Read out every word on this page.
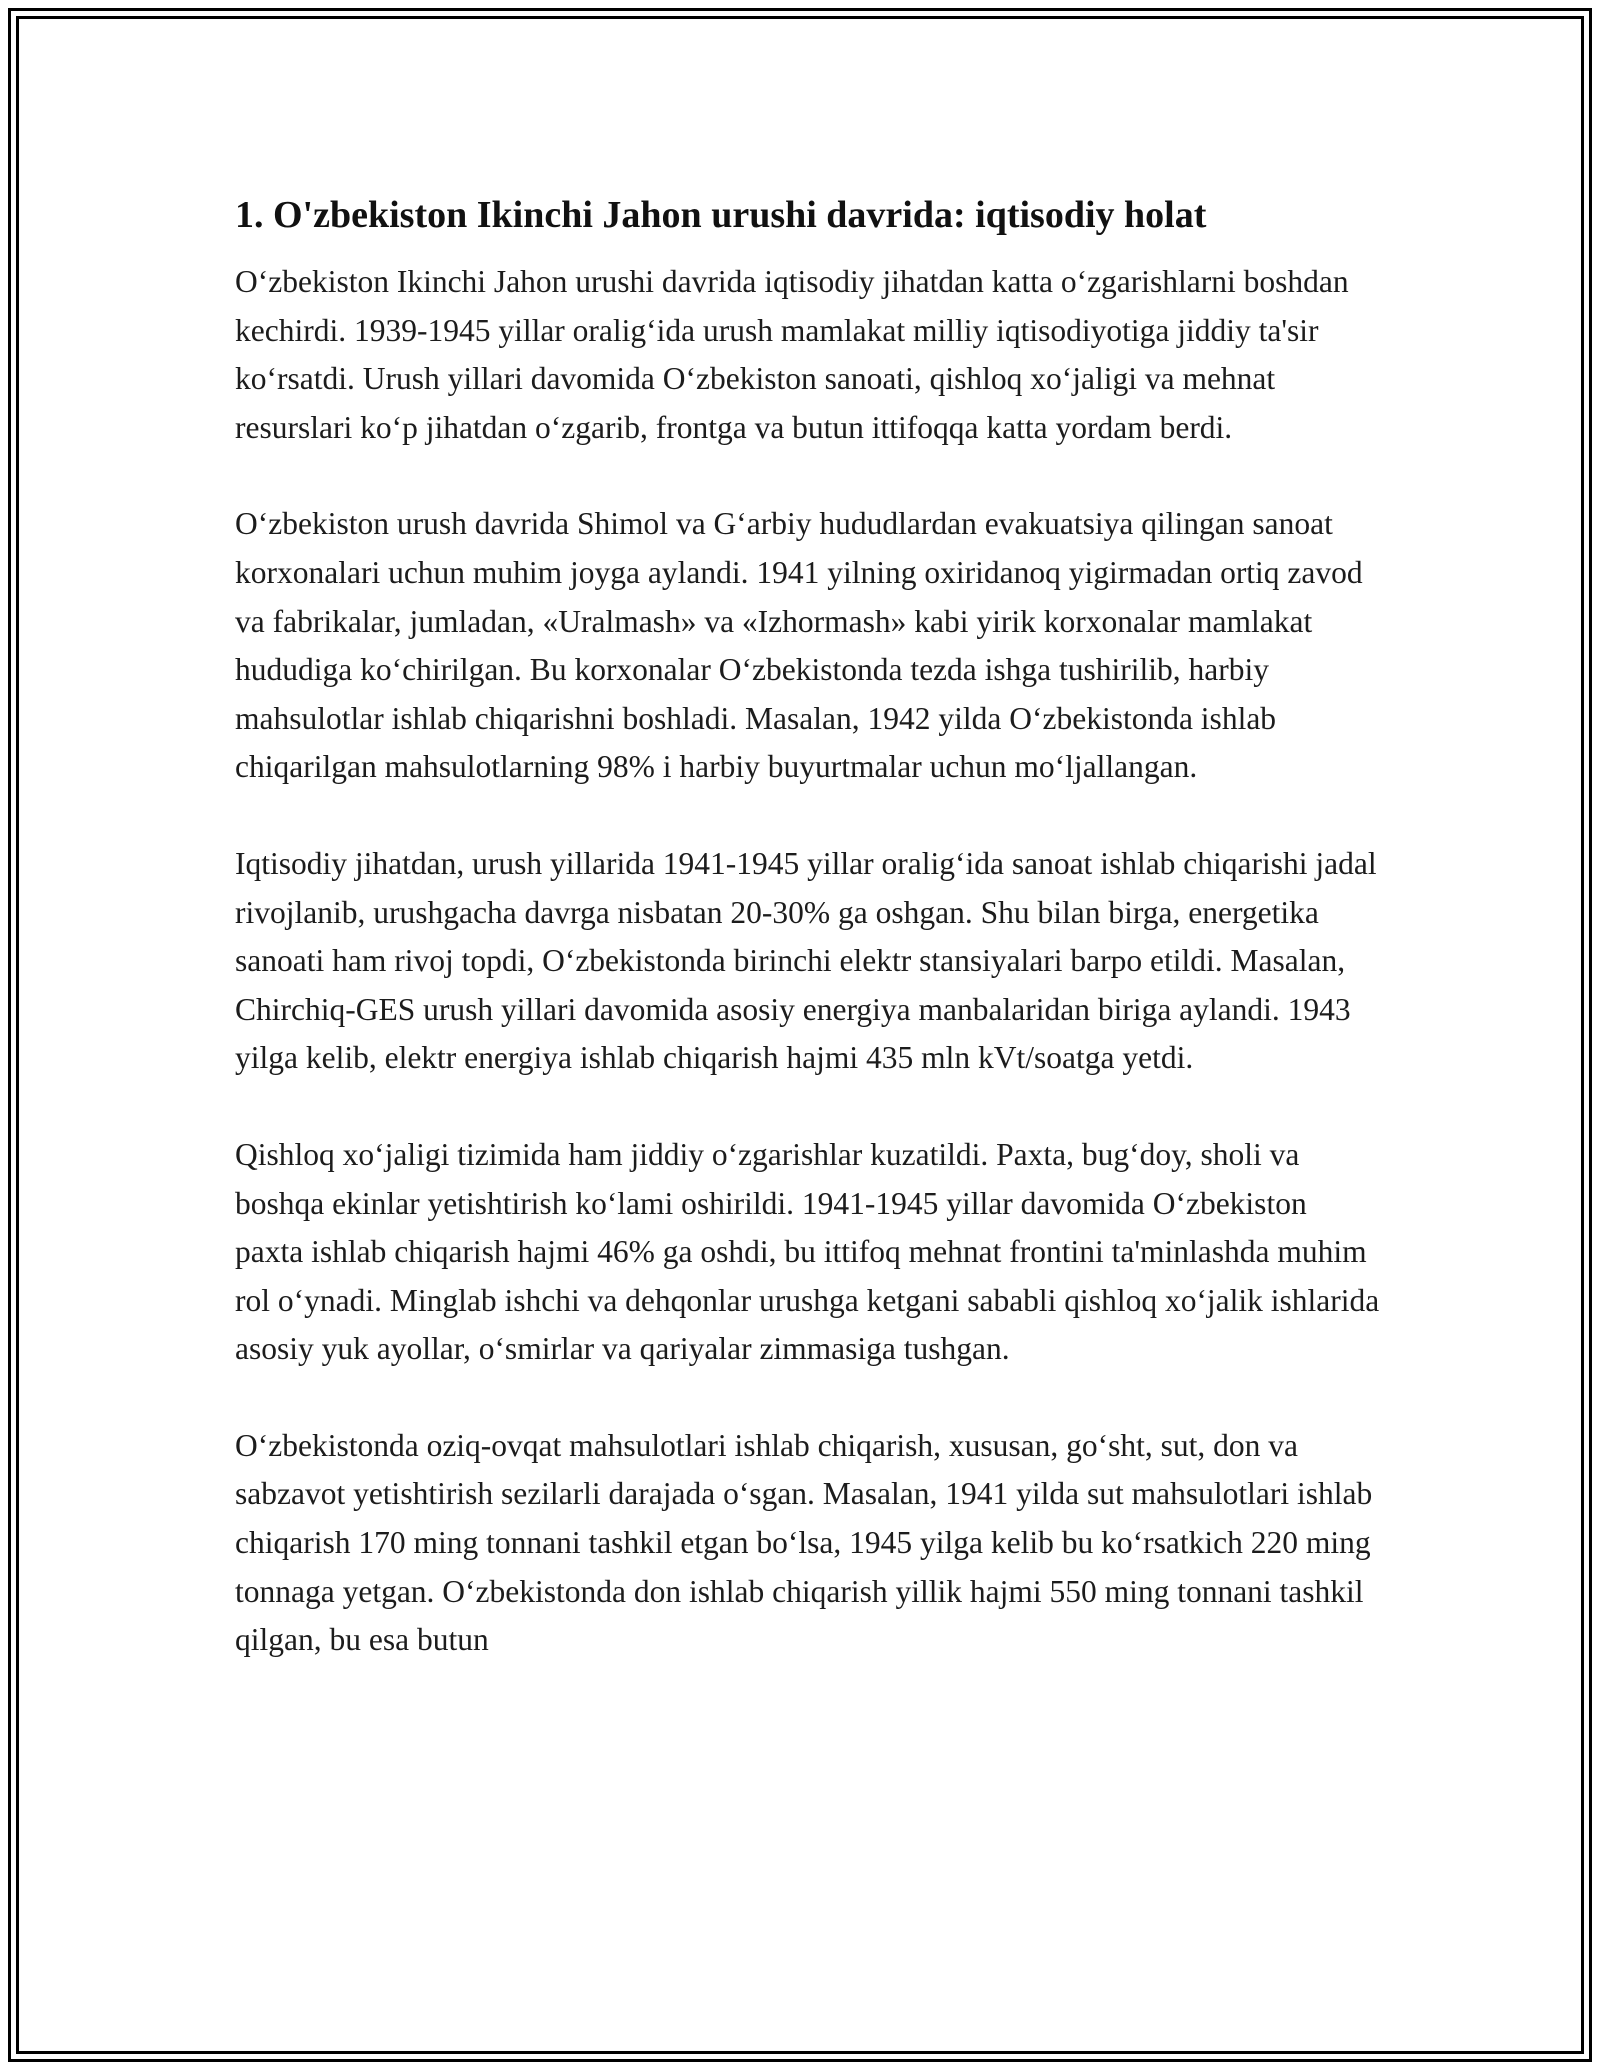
1. O'zbekiston Ikinchi Jahon urushi davrida: iqtisodiy holat

O‘zbekiston Ikinchi Jahon urushi davrida iqtisodiy jihatdan katta o‘zgarishlarni boshdan kechirdi. 1939-1945 yillar oralig‘ida urush mamlakat milliy iqtisodiyotiga jiddiy ta'sir ko‘rsatdi. Urush yillari davomida O‘zbekiston sanoati, qishloq xo‘jaligi va mehnat resurslari ko‘p jihatdan o‘zgarib, frontga va butun ittifoqqa katta yordam berdi.

O‘zbekiston urush davrida Shimol va G‘arbiy hududlardan evakuatsiya qilingan sanoat korxonalari uchun muhim joyga aylandi. 1941 yilning oxiridanoq yigirmadan ortiq zavod va fabrikalar, jumladan, «Uralmash» va «Izhormash» kabi yirik korxonalar mamlakat hududiga ko‘chirilgan. Bu korxonalar O‘zbekistonda tezda ishga tushirilib, harbiy mahsulotlar ishlab chiqarishni boshladi. Masalan, 1942 yilda O‘zbekistonda ishlab chiqarilgan mahsulotlarning 98% i harbiy buyurtmalar uchun mo‘ljallangan.

Iqtisodiy jihatdan, urush yillarida 1941-1945 yillar oralig‘ida sanoat ishlab chiqarishi jadal rivojlanib, urushgacha davrga nisbatan 20-30% ga oshgan. Shu bilan birga, energetika sanoati ham rivoj topdi, O‘zbekistonda birinchi elektr stansiyalari barpo etildi. Masalan, Chirchiq-GES urush yillari davomida asosiy energiya manbalaridan biriga aylandi. 1943 yilga kelib, elektr energiya ishlab chiqarish hajmi 435 mln kVt/soatga yetdi.

Qishloq xo‘jaligi tizimida ham jiddiy o‘zgarishlar kuzatildi. Paxta, bug‘doy, sholi va boshqa ekinlar yetishtirish ko‘lami oshirildi. 1941-1945 yillar davomida O‘zbekiston paxta ishlab chiqarish hajmi 46% ga oshdi, bu ittifoq mehnat frontini ta'minlashda muhim rol o‘ynadi. Minglab ishchi va dehqonlar urushga ketgani sababli qishloq xo‘jalik ishlarida asosiy yuk ayollar, o‘smirlar va qariyalar zimmasiga tushgan.

O‘zbekistonda oziq-ovqat mahsulotlari ishlab chiqarish, xususan, go‘sht, sut, don va sabzavot yetishtirish sezilarli darajada o‘sgan. Masalan, 1941 yilda sut mahsulotlari ishlab chiqarish 170 ming tonnani tashkil etgan bo‘lsa, 1945 yilga kelib bu ko‘rsatkich 220 ming tonnaga yetgan. O‘zbekistonda don ishlab chiqarish yillik hajmi 550 ming tonnani tashkil qilgan, bu esa butun
